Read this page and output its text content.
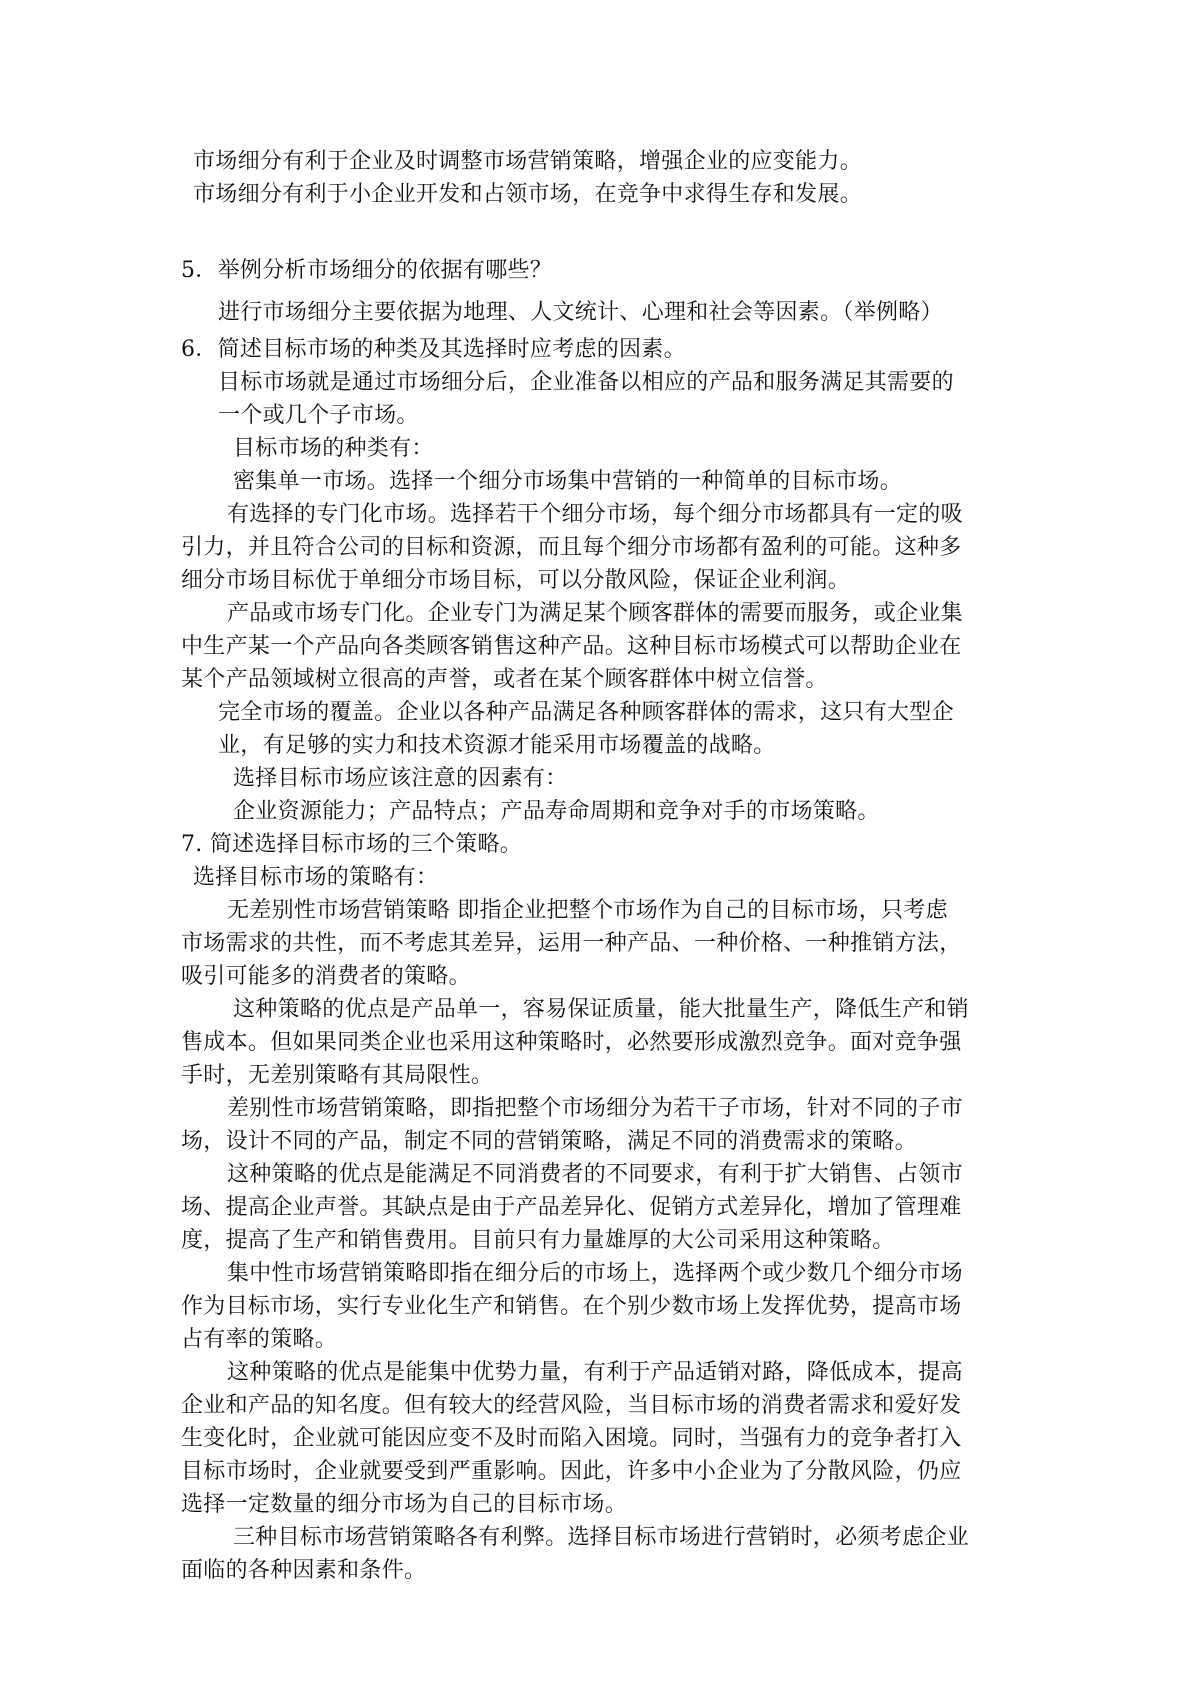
市场细分有利于企业及时调整市场营销策略，增强企业的应变能力。
市场细分有利于小企业开发和占领市场，在竞争中求得生存和发展。
5．举例分析市场细分的依据有哪些？
进行市场细分主要依据为地理、人文统计、心理和社会等因素。（举例略）
6．简述目标市场的种类及其选择时应考虑的因素。
目标市场就是通过市场细分后，企业准备以相应的产品和服务满足其需要的
一个或几个子市场。
目标市场的种类有：
密集单一市场。选择一个细分市场集中营销的一种简单的目标市场。
有选择的专门化市场。选择若干个细分市场，每个细分市场都具有一定的吸
引力，并且符合公司的目标和资源，而且每个细分市场都有盈利的可能。这种多
细分市场目标优于单细分市场目标，可以分散风险，保证企业利润。
产品或市场专门化。企业专门为满足某个顾客群体的需要而服务，或企业集
中生产某一个产品向各类顾客销售这种产品。这种目标市场模式可以帮助企业在
某个产品领域树立很高的声誉，或者在某个顾客群体中树立信誉。
完全市场的覆盖。企业以各种产品满足各种顾客群体的需求，这只有大型企
业，有足够的实力和技术资源才能采用市场覆盖的战略。
选择目标市场应该注意的因素有：
企业资源能力；产品特点；产品寿命周期和竞争对手的市场策略。
7. 简述选择目标市场的三个策略。
选择目标市场的策略有：
无差别性市场营销策略 即指企业把整个市场作为自己的目标市场，只考虑
市场需求的共性，而不考虑其差异，运用一种产品、一种价格、一种推销方法，
吸引可能多的消费者的策略。
这种策略的优点是产品单一，容易保证质量，能大批量生产，降低生产和销
售成本。但如果同类企业也采用这种策略时，必然要形成激烈竞争。面对竞争强
手时，无差别策略有其局限性。
差别性市场营销策略，即指把整个市场细分为若干子市场，针对不同的子市
场，设计不同的产品，制定不同的营销策略，满足不同的消费需求的策略。
这种策略的优点是能满足不同消费者的不同要求，有利于扩大销售、占领市
场、提高企业声誉。其缺点是由于产品差异化、促销方式差异化，增加了管理难
度，提高了生产和销售费用。目前只有力量雄厚的大公司采用这种策略。
集中性市场营销策略即指在细分后的市场上，选择两个或少数几个细分市场
作为目标市场，实行专业化生产和销售。在个别少数市场上发挥优势，提高市场
占有率的策略。
这种策略的优点是能集中优势力量，有利于产品适销对路，降低成本，提高
企业和产品的知名度。但有较大的经营风险，当目标市场的消费者需求和爱好发
生变化时，企业就可能因应变不及时而陷入困境。同时，当强有力的竞争者打入
目标市场时，企业就要受到严重影响。因此，许多中小企业为了分散风险，仍应
选择一定数量的细分市场为自己的目标市场。
三种目标市场营销策略各有利弊。选择目标市场进行营销时，必须考虑企业
面临的各种因素和条件。
